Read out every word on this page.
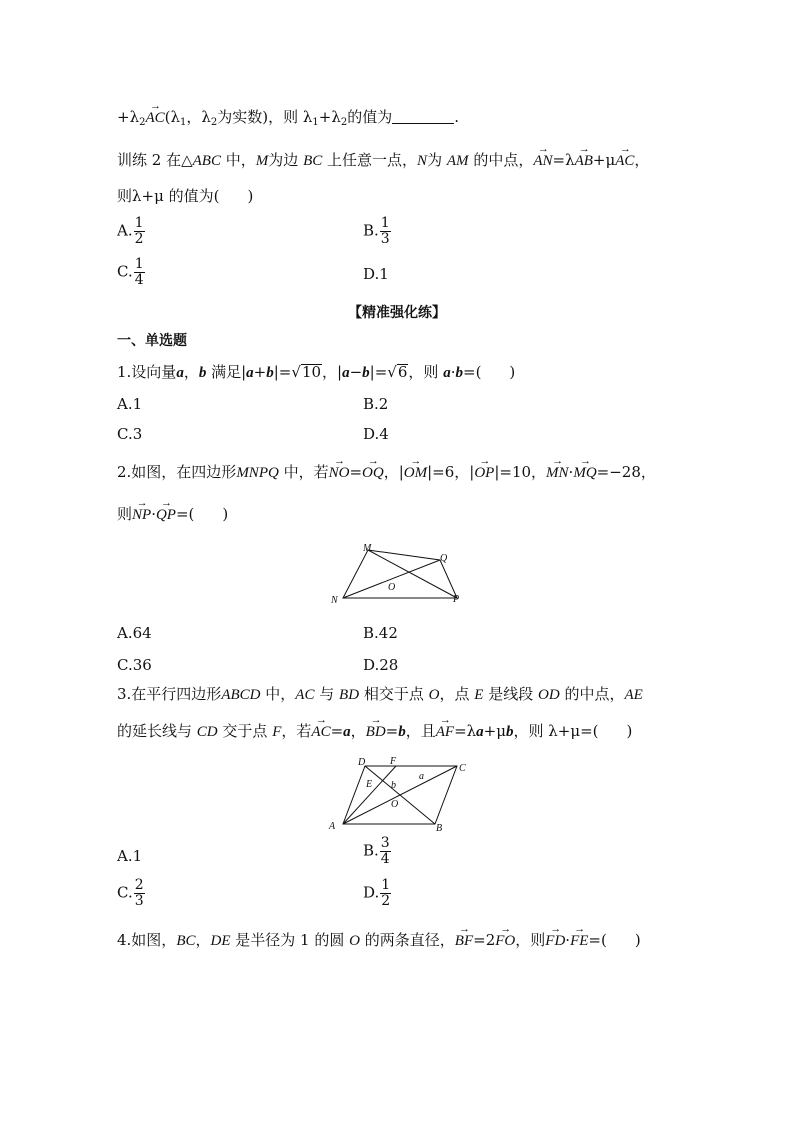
$+\lambda_2\to AC(\lambda_1$，$\lambda_2$为实数)，则 $\lambda_1+\lambda_2$的值为	.
训练 2 在△ABC 中，M为边 BC 上任意一点，N为 AM 的中点，→ AN=λ→ AB+μ→ AC，
则λ+μ 的值为( )
A. $\frac{1}{2}$	B. $\frac{1}{3}$
C. $\frac{1}{4}$	D.1
【精准强化练】
一、单选题
1.设向量a，b 满足|a+b|=√10，|a−b|=√6，则 a·b=( )
A.1	B.2
C.3	D.4
2.如图，在四边形MNPQ 中，若→ NO=→ OQ，|→ OM|=6，|→ OP|=10，→ MN·→ MQ=−28，
则→ NP·→ QP=( )
M
Q
O
N	P
A.64	B.42
C.36	D.28
3.在平行四边形ABCD 中，AC 与 BD 相交于点 O，点 E 是线段 OD 的中点，AE
的延长线与 CD 交于点 F，若→ AC=a，→ BD=b，且→ AF=λa+μb，则 λ+μ=( )
D F
C
E b
a
O
A	B
A.1	B. $\frac{3}{4}$
C. $\frac{2}{3}$	D. $\frac{1}{2}$
4.如图，BC，DE 是半径为 1 的圆 O 的两条直径，→ BF=2→ FO，则→ FD·→ FE=( )
